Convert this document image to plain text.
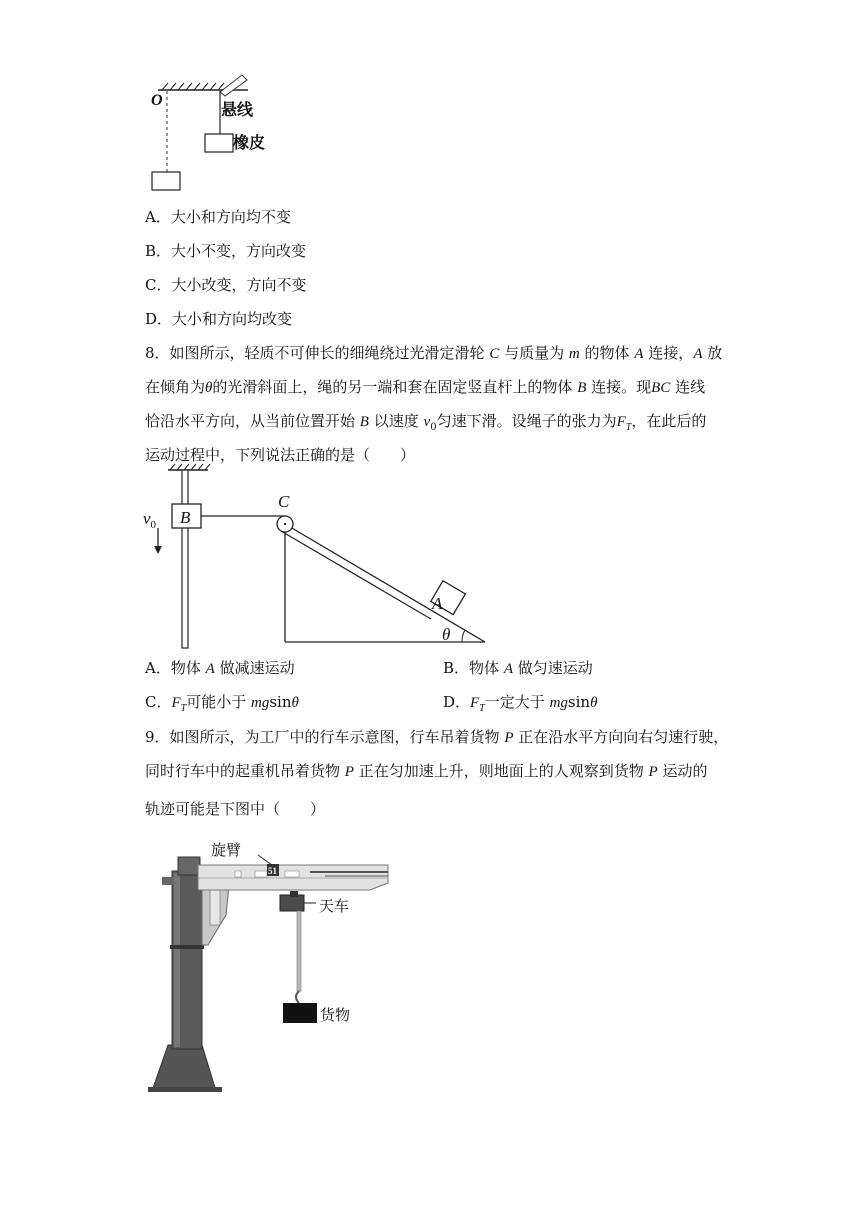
O	悬线
橡皮
A．大小和方向均不变
B．大小不变，方向改变
C．大小改变，方向不变
D．大小和方向均改变
8．如图所示，轻质不可伸长的细绳绕过光滑定滑轮 C 与质量为 m 的物体 A 连接，A 放
在倾角为θ的光滑斜面上，绳的另一端和套在固定竖直杆上的物体 B 连接。现BC 连线
恰沿水平方向，从当前位置开始 B 以速度 $v_0$匀速下滑。设绳子的张力为$F_T$，在此后的
运动过程中，下列说法正确的是（　　）
B
$v_0$
C
A
θ
A．物体 A 做减速运动	B．物体 A 做匀速运动
C．$F_T$可能小于 mgsinθ	D．$F_T$一定大于 mgsinθ
9．如图所示，为工厂中的行车示意图，行车吊着货物 P 正在沿水平方向向右匀速行驶，
同时行车中的起重机吊着货物 P 正在匀加速上升，则地面上的人观察到货物 P 运动的
轨迹可能是下图中（　　）
51
旋臂
天车
货物
